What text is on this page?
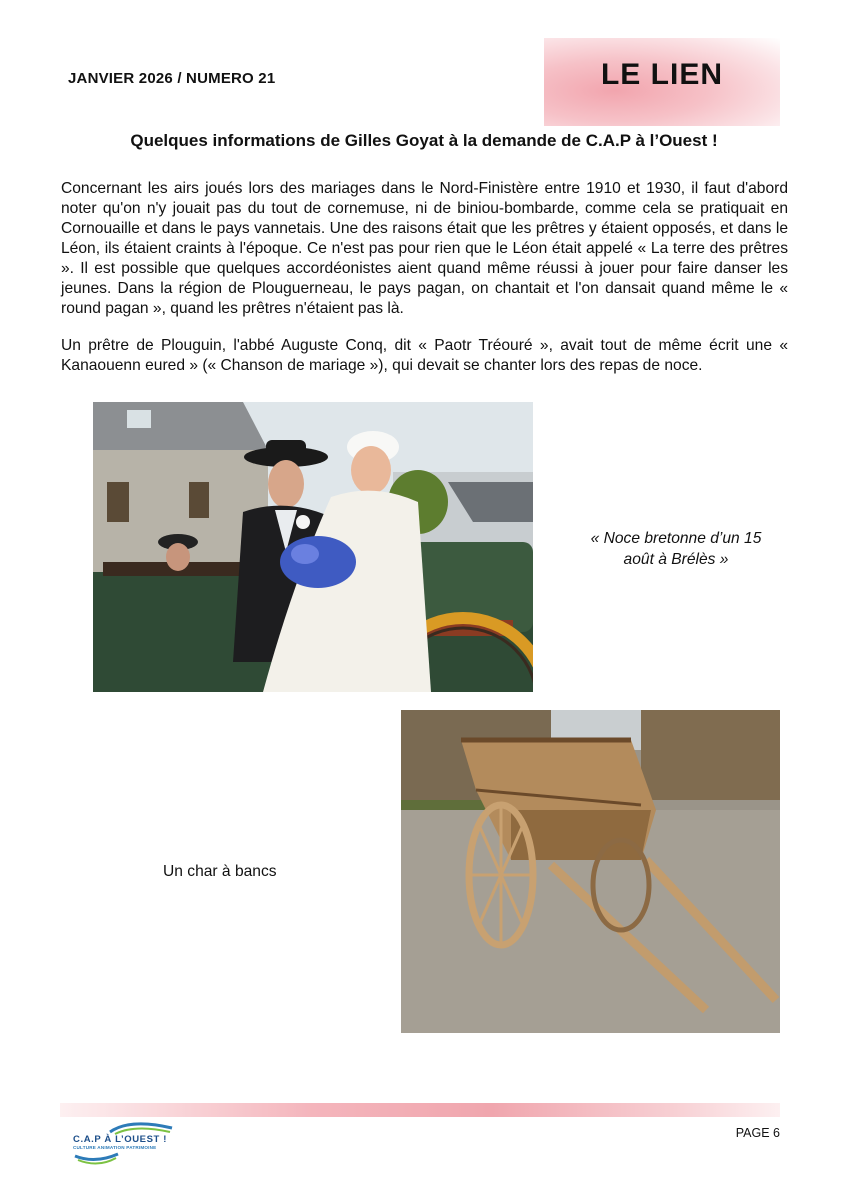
JANVIER 2026 / NUMERO 21	LE LIEN
Quelques informations de Gilles Goyat à la demande de C.A.P à l’Ouest !

Concernant les airs joués lors des mariages dans le Nord-Finistère entre 1910 et 1930, il faut d'abord noter qu'on n'y jouait pas du tout de cornemuse, ni de biniou-bombarde, comme cela se pratiquait en Cornouaille et dans le pays vannetais. Une des raisons était que les prêtres y étaient opposés, et dans le Léon, ils étaient craints à l'époque. Ce n'est pas pour rien que le Léon était appelé « La terre des prêtres ». Il est possible que quelques accordéonistes aient quand même réussi à jouer pour faire danser les jeunes. Dans la région de Plouguerneau, le pays pagan, on chantait et l'on dansait quand même le « round pagan », quand les prêtres n'étaient pas là.

Un prêtre de Plouguin, l'abbé Auguste Conq, dit « Paotr Tréouré », avait tout de même écrit une « Kanaouenn eured » (« Chanson de mariage »), qui devait se chanter lors des repas de noce.

« Noce bretonne d’un 15
août à Brélès »
Un char à bancs
C.A.P À L’OUEST !
CULTURE ANIMATION PATRIMOINE
PAGE 6
